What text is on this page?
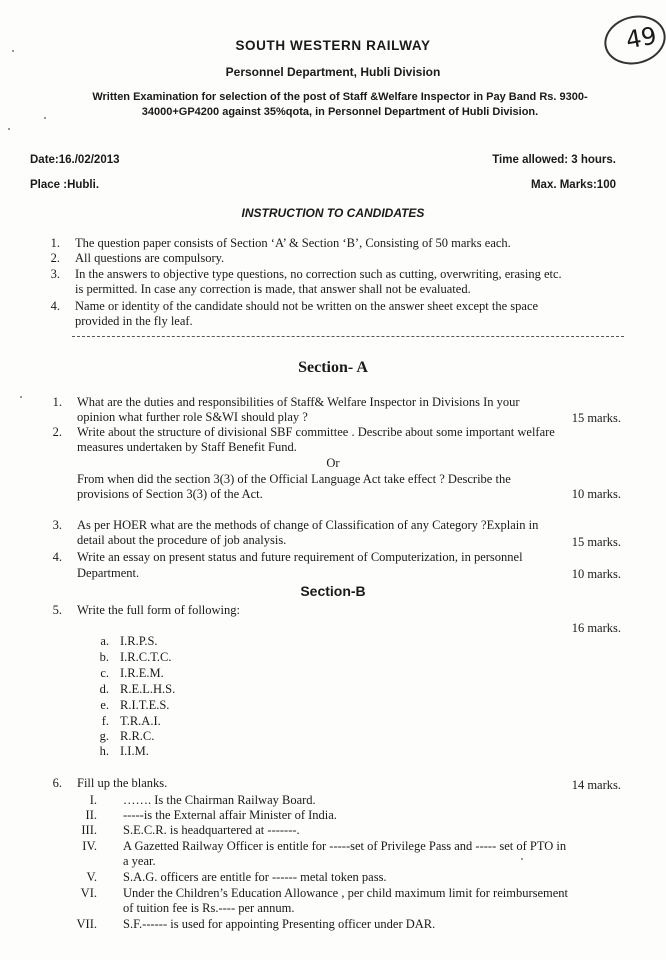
SOUTH WESTERN RAILWAY
Personnel Department, Hubli Division
Written Examination for selection of the post of Staff &Welfare Inspector in Pay Band Rs. 9300-
34000+GP4200 against 35%qota, in Personnel Department of Hubli Division.
49
Date:16./02/2013	Time allowed: 3 hours.
Place :Hubli.	Max. Marks:100
INSTRUCTION TO CANDIDATES
1. The question paper consists of Section ‘A’ & Section ‘B’, Consisting of 50 marks each.
2. All questions are compulsory.
3. In the answers to objective type questions, no correction such as cutting, overwriting, erasing etc.
is permitted. In case any correction is made, that answer shall not be evaluated.
4. Name or identity of the candidate should not be written on the answer sheet except the space
provided in the fly leaf.
Section- A
1. What are the duties and responsibilities of Staff& Welfare Inspector in Divisions In your
opinion what further role S&WI should play ?	15 marks.
2. Write about the structure of divisional SBF committee . Describe about some important welfare
measures undertaken by Staff Benefit Fund.
Or
From when did the section 3(3) of the Official Language Act take effect ? Describe the
provisions of Section 3(3) of the Act.	10 marks.
3. As per HOER what are the methods of change of Classification of any Category ?Explain in
detail about the procedure of job analysis.	15 marks.
4. Write an essay on present status and future requirement of Computerization, in personnel
Department.	10 marks.
Section-B
5. Write the full form of following:
16 marks.
a. I.R.P.S.
b. I.R.C.T.C.
c. I.R.E.M.
d. R.E.L.H.S.
e. R.I.T.E.S.
f. T.R.A.I.
g. R.R.C.
h. I.I.M.
6. Fill up the blanks.	14 marks.
I. ……. Is the Chairman Railway Board.
II. -----is the External affair Minister of India.
III. S.E.C.R. is headquartered at -------.
IV. A Gazetted Railway Officer is entitle for -----set of Privilege Pass and ----- set of PTO in
a year.
V. S.A.G. officers are entitle for ------ metal token pass.
VI. Under the Children’s Education Allowance , per child maximum limit for reimbursement
of tuition fee is Rs.---- per annum.
VII. S.F.------ is used for appointing Presenting officer under DAR.
